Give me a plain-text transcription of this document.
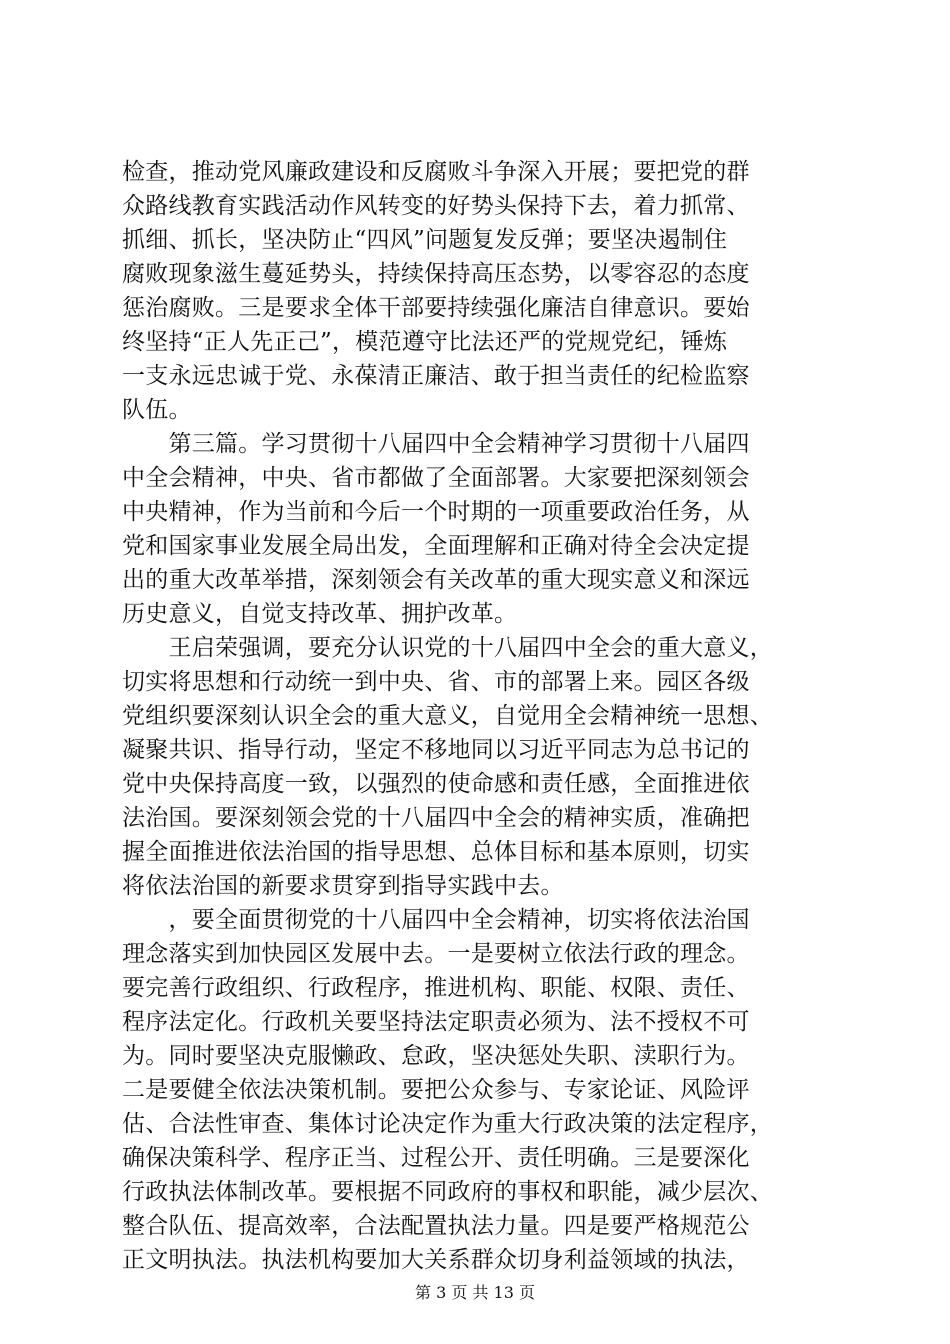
检查，推动党风廉政建设和反腐败斗争深入开展；要把党的群
众路线教育实践活动作风转变的好势头保持下去，着力抓常、
抓细、抓长，坚决防止“四风”问题复发反弹；要坚决遏制住
腐败现象滋生蔓延势头，持续保持高压态势，以零容忍的态度
惩治腐败。三是要求全体干部要持续强化廉洁自律意识。要始
终坚持“正人先正己”，模范遵守比法还严的党规党纪，锤炼
一支永远忠诚于党、永葆清正廉洁、敢于担当责任的纪检监察
队伍。
　　第三篇。学习贯彻十八届四中全会精神学习贯彻十八届四
中全会精神，中央、省市都做了全面部署。大家要把深刻领会
中央精神，作为当前和今后一个时期的一项重要政治任务，从
党和国家事业发展全局出发，全面理解和正确对待全会决定提
出的重大改革举措，深刻领会有关改革的重大现实意义和深远
历史意义，自觉支持改革、拥护改革。
　　王启荣强调，要充分认识党的十八届四中全会的重大意义，
切实将思想和行动统一到中央、省、市的部署上来。园区各级
党组织要深刻认识全会的重大意义，自觉用全会精神统一思想、
凝聚共识、指导行动，坚定不移地同以习近平同志为总书记的
党中央保持高度一致，以强烈的使命感和责任感，全面推进依
法治国。要深刻领会党的十八届四中全会的精神实质，准确把
握全面推进依法治国的指导思想、总体目标和基本原则，切实
将依法治国的新要求贯穿到指导实践中去。
　　，要全面贯彻党的十八届四中全会精神，切实将依法治国
理念落实到加快园区发展中去。一是要树立依法行政的理念。
要完善行政组织、行政程序，推进机构、职能、权限、责任、
程序法定化。行政机关要坚持法定职责必须为、法不授权不可
为。同时要坚决克服懒政、怠政，坚决惩处失职、渎职行为。
二是要健全依法决策机制。要把公众参与、专家论证、风险评
估、合法性审查、集体讨论决定作为重大行政决策的法定程序，
确保决策科学、程序正当、过程公开、责任明确。三是要深化
行政执法体制改革。要根据不同政府的事权和职能，减少层次、
整合队伍、提高效率，合法配置执法力量。四是要严格规范公
正文明执法。执法机构要加大关系群众切身利益领域的执法，
第 3 页 共 13 页
